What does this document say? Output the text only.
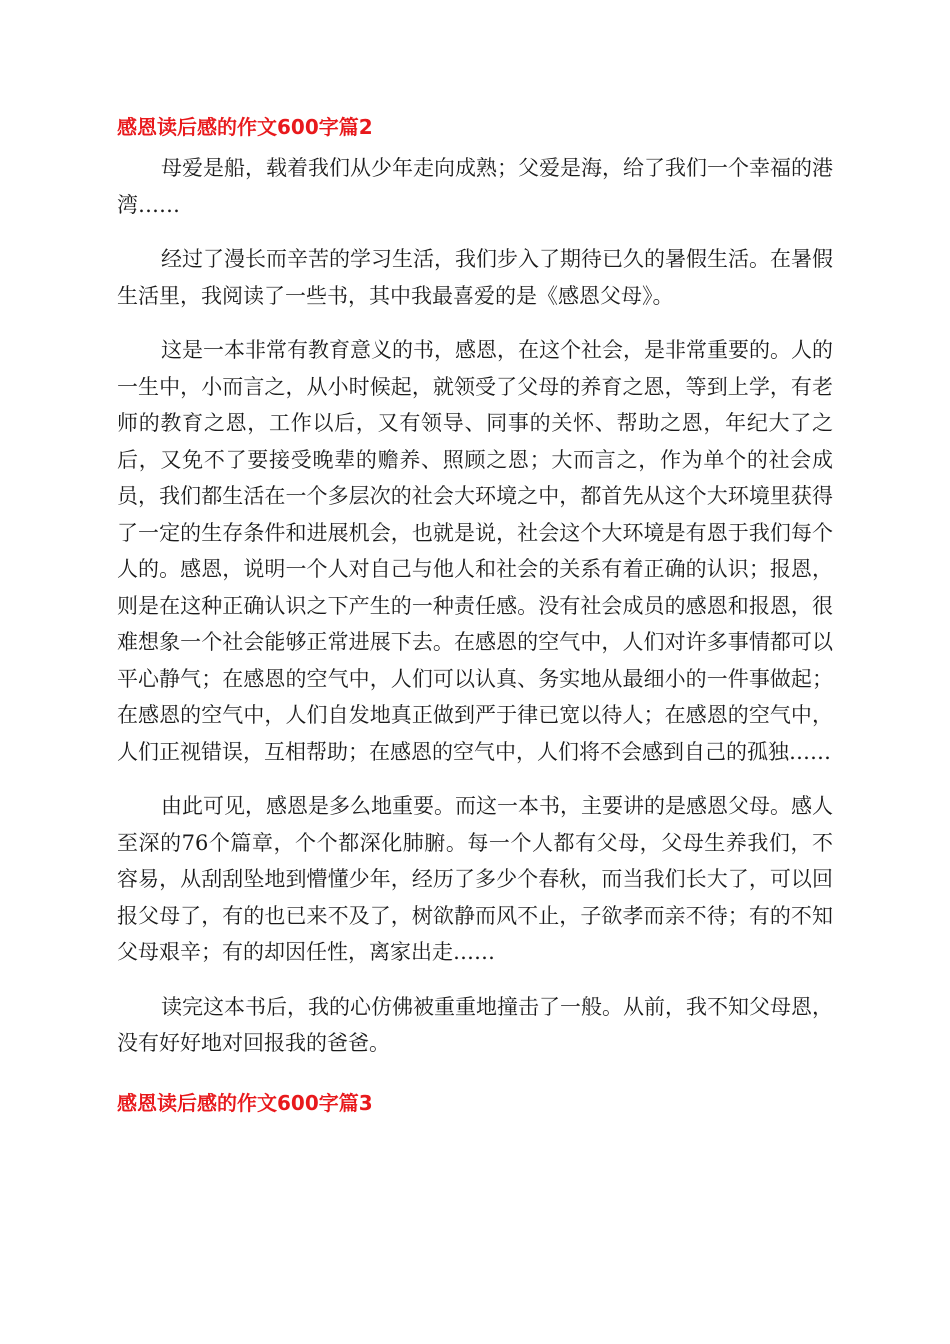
感恩读后感的作文600字篇2

母爱是船，载着我们从少年走向成熟；父爱是海，给了我们一个幸福的港湾……

经过了漫长而辛苦的学习生活，我们步入了期待已久的暑假生活。在暑假生活里，我阅读了一些书，其中我最喜爱的是《感恩父母》。

这是一本非常有教育意义的书，感恩，在这个社会，是非常重要的。人的一生中，小而言之，从小时候起，就领受了父母的养育之恩，等到上学，有老师的教育之恩，工作以后，又有领导、同事的关怀、帮助之恩，年纪大了之后，又免不了要接受晚辈的赡养、照顾之恩；大而言之，作为单个的社会成员，我们都生活在一个多层次的社会大环境之中，都首先从这个大环境里获得了一定的生存条件和进展机会，也就是说，社会这个大环境是有恩于我们每个人的。感恩，说明一个人对自己与他人和社会的关系有着正确的认识；报恩，则是在这种正确认识之下产生的一种责任感。没有社会成员的感恩和报恩，很难想象一个社会能够正常进展下去。在感恩的空气中，人们对许多事情都可以平心静气；在感恩的空气中，人们可以认真、务实地从最细小的一件事做起；在感恩的空气中，人们自发地真正做到严于律已宽以待人；在感恩的空气中，人们正视错误，互相帮助；在感恩的空气中，人们将不会感到自己的孤独……

由此可见，感恩是多么地重要。而这一本书，主要讲的是感恩父母。感人至深的76个篇章，个个都深化肺腑。每一个人都有父母，父母生养我们，不容易，从刮刮坠地到懵懂少年，经历了多少个春秋，而当我们长大了，可以回报父母了，有的也已来不及了，树欲静而风不止，子欲孝而亲不待；有的不知父母艰辛；有的却因任性，离家出走……

读完这本书后，我的心仿佛被重重地撞击了一般。从前，我不知父母恩，没有好好地对回报我的爸爸。

感恩读后感的作文600字篇3
